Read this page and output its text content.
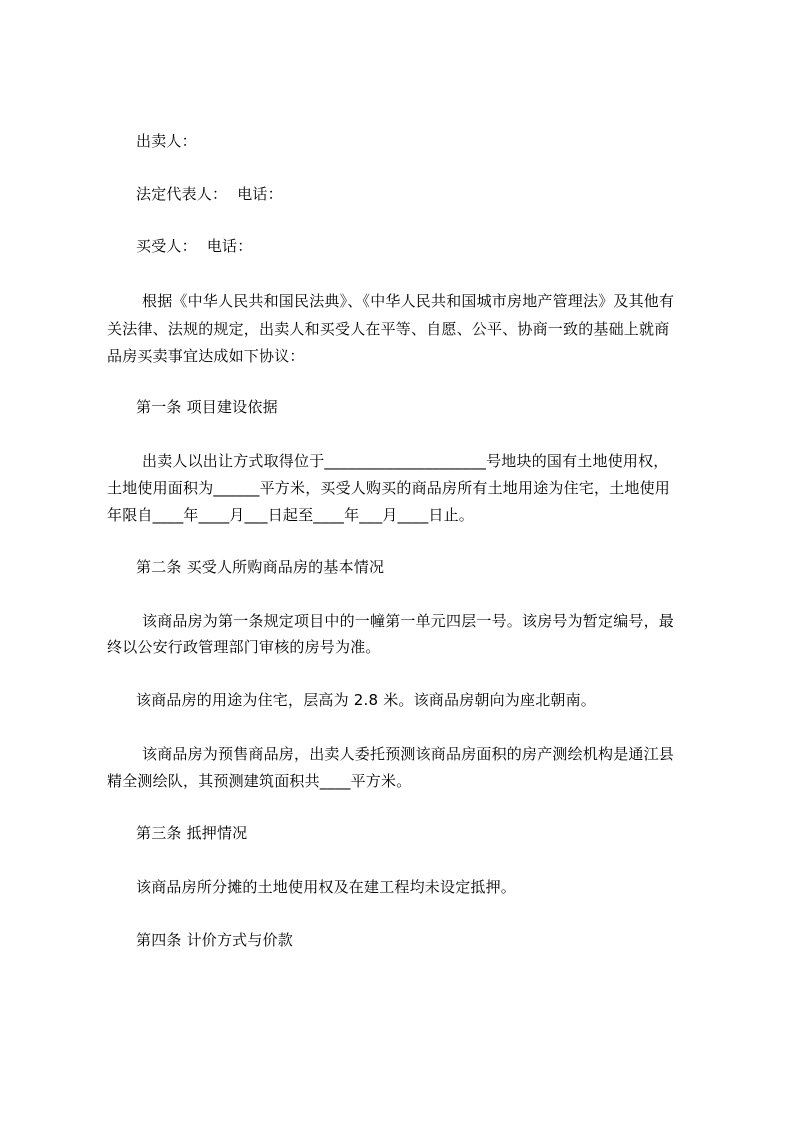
出卖人：
法定代表人： 电话：
买受人： 电话：
根据《中华人民共和国民法典》、《中华人民共和国城市房地产管理法》及其他有
关法律、法规的规定，出卖人和买受人在平等、自愿、公平、协商一致的基础上就商
品房买卖事宜达成如下协议：
第一条 项目建设依据
出卖人以出让方式取得位于_____________________号地块的国有土地使用权，
土地使用面积为______平方米，买受人购买的商品房所有土地用途为住宅，土地使用
年限自____年____月___日起至____年___月____日止。
第二条 买受人所购商品房的基本情况
该商品房为第一条规定项目中的一幢第一单元四层一号。该房号为暂定编号，最
终以公安行政管理部门审核的房号为准。
该商品房的用途为住宅，层高为 2.8 米。该商品房朝向为座北朝南。
该商品房为预售商品房，出卖人委托预测该商品房面积的房产测绘机构是通江县
精全测绘队，其预测建筑面积共____平方米。
第三条 抵押情况
该商品房所分摊的土地使用权及在建工程均未设定抵押。
第四条 计价方式与价款
